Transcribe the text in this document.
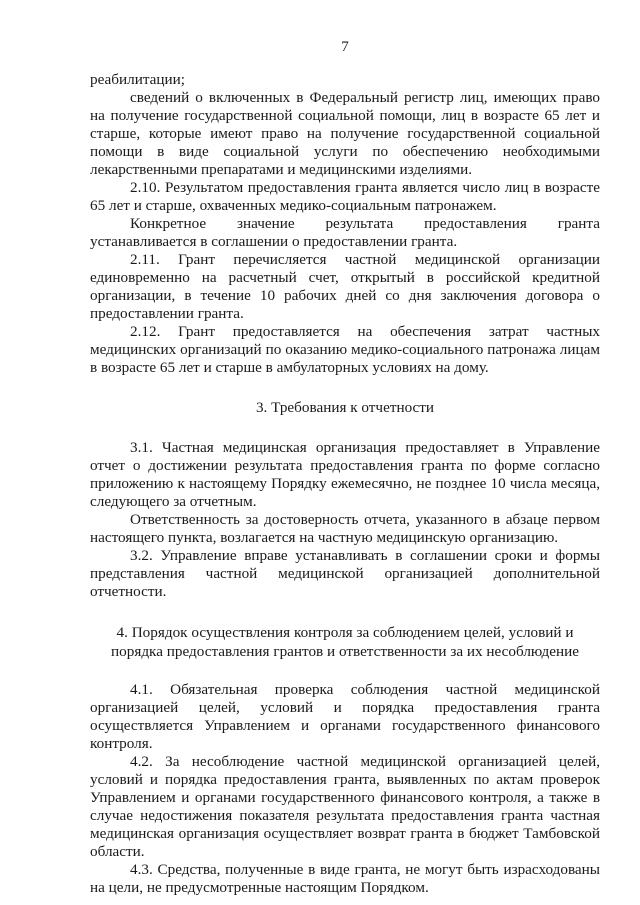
7

реабилитации;

сведений о включенных в Федеральный регистр лиц, имеющих право на получение государственной социальной помощи, лиц в возрасте 65 лет и старше, которые имеют право на получение государственной социальной помощи в виде социальной услуги по обеспечению необходимыми лекарственными препаратами и медицинскими изделиями.

2.10. Результатом предоставления гранта является число лиц в возрасте 65 лет и старше, охваченных медико-социальным патронажем.

Конкретное значение результата предоставления гранта устанавливается в соглашении о предоставлении гранта.

2.11. Грант перечисляется частной медицинской организации единовременно на расчетный счет, открытый в российской кредитной организации, в течение 10 рабочих дней со дня заключения договора о предоставлении гранта.

2.12. Грант предоставляется на обеспечения затрат частных медицинских организаций по оказанию медико-социального патронажа лицам в возрасте 65 лет и старше в амбулаторных условиях на дому.

3. Требования к отчетности

3.1. Частная медицинская организация предоставляет в Управление отчет о достижении результата предоставления гранта по форме согласно приложению к настоящему Порядку ежемесячно, не позднее 10 числа месяца, следующего за отчетным.

Ответственность за достоверность отчета, указанного в абзаце первом настоящего пункта, возлагается на частную медицинскую организацию.

3.2. Управление вправе устанавливать в соглашении сроки и формы представления частной медицинской организацией дополнительной отчетности.

4. Порядок осуществления контроля за соблюдением целей, условий и
порядка предоставления грантов и ответственности за их несоблюдение

4.1. Обязательная проверка соблюдения частной медицинской организацией целей, условий и порядка предоставления гранта осуществляется Управлением и органами государственного финансового контроля.

4.2. За несоблюдение частной медицинской организацией целей, условий и порядка предоставления гранта, выявленных по актам проверок Управлением и органами государственного финансового контроля, а также в случае недостижения показателя результата предоставления гранта частная медицинская организация осуществляет возврат гранта в бюджет Тамбовской области.

4.3. Средства, полученные в виде гранта, не могут быть израсходованы на цели, не предусмотренные настоящим Порядком.
